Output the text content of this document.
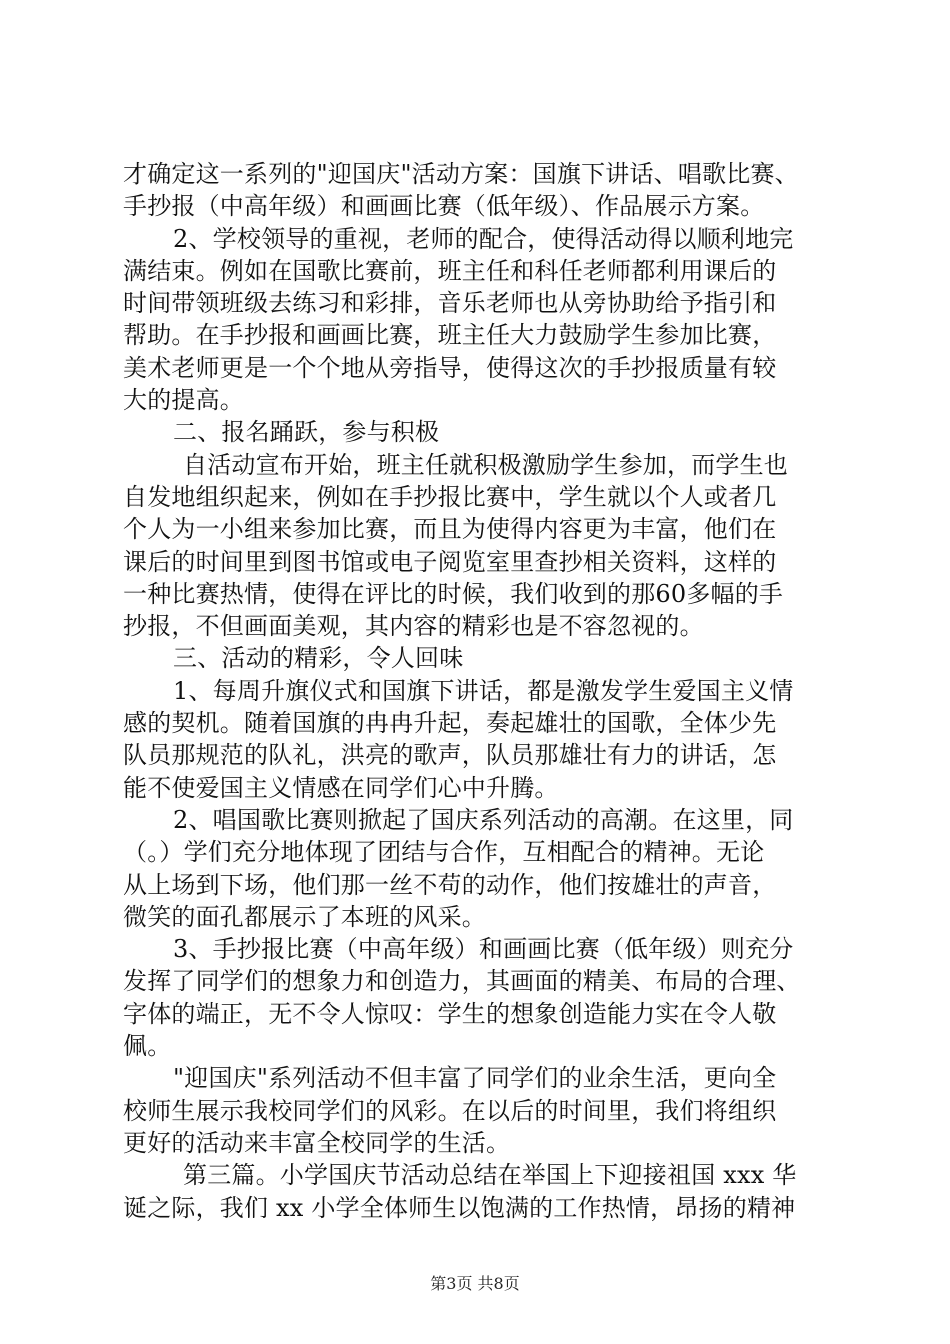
才确定这一系列的"迎国庆"活动方案：国旗下讲话、唱歌比赛、
手抄报（中高年级）和画画比赛（低年级）、作品展示方案。
2、学校领导的重视，老师的配合，使得活动得以顺利地完
满结束。例如在国歌比赛前，班主任和科任老师都利用课后的
时间带领班级去练习和彩排，音乐老师也从旁协助给予指引和
帮助。在手抄报和画画比赛，班主任大力鼓励学生参加比赛，
美术老师更是一个个地从旁指导，使得这次的手抄报质量有较
大的提高。
二、报名踊跃，参与积极
自活动宣布开始，班主任就积极激励学生参加，而学生也
自发地组织起来，例如在手抄报比赛中，学生就以个人或者几
个人为一小组来参加比赛，而且为使得内容更为丰富，他们在
课后的时间里到图书馆或电子阅览室里查抄相关资料，这样的
一种比赛热情，使得在评比的时候，我们收到的那60多幅的手
抄报，不但画面美观，其内容的精彩也是不容忽视的。
三、活动的精彩，令人回味
1、每周升旗仪式和国旗下讲话，都是激发学生爱国主义情
感的契机。随着国旗的冉冉升起，奏起雄壮的国歌，全体少先
队员那规范的队礼，洪亮的歌声，队员那雄壮有力的讲话，怎
能不使爱国主义情感在同学们心中升腾。
2、唱国歌比赛则掀起了国庆系列活动的高潮。在这里，同
（。）学们充分地体现了团结与合作，互相配合的精神。无论
从上场到下场，他们那一丝不苟的动作，他们按雄壮的声音，
微笑的面孔都展示了本班的风采。
3、手抄报比赛（中高年级）和画画比赛（低年级）则充分
发挥了同学们的想象力和创造力，其画面的精美、布局的合理、
字体的端正，无不令人惊叹：学生的想象创造能力实在令人敬
佩。
"迎国庆"系列活动不但丰富了同学们的业余生活，更向全
校师生展示我校同学们的风彩。在以后的时间里，我们将组织
更好的活动来丰富全校同学的生活。
第三篇。小学国庆节活动总结在举国上下迎接祖国 xxx 华
诞之际，我们 xx 小学全体师生以饱满的工作热情，昂扬的精神
第3页 共8页
